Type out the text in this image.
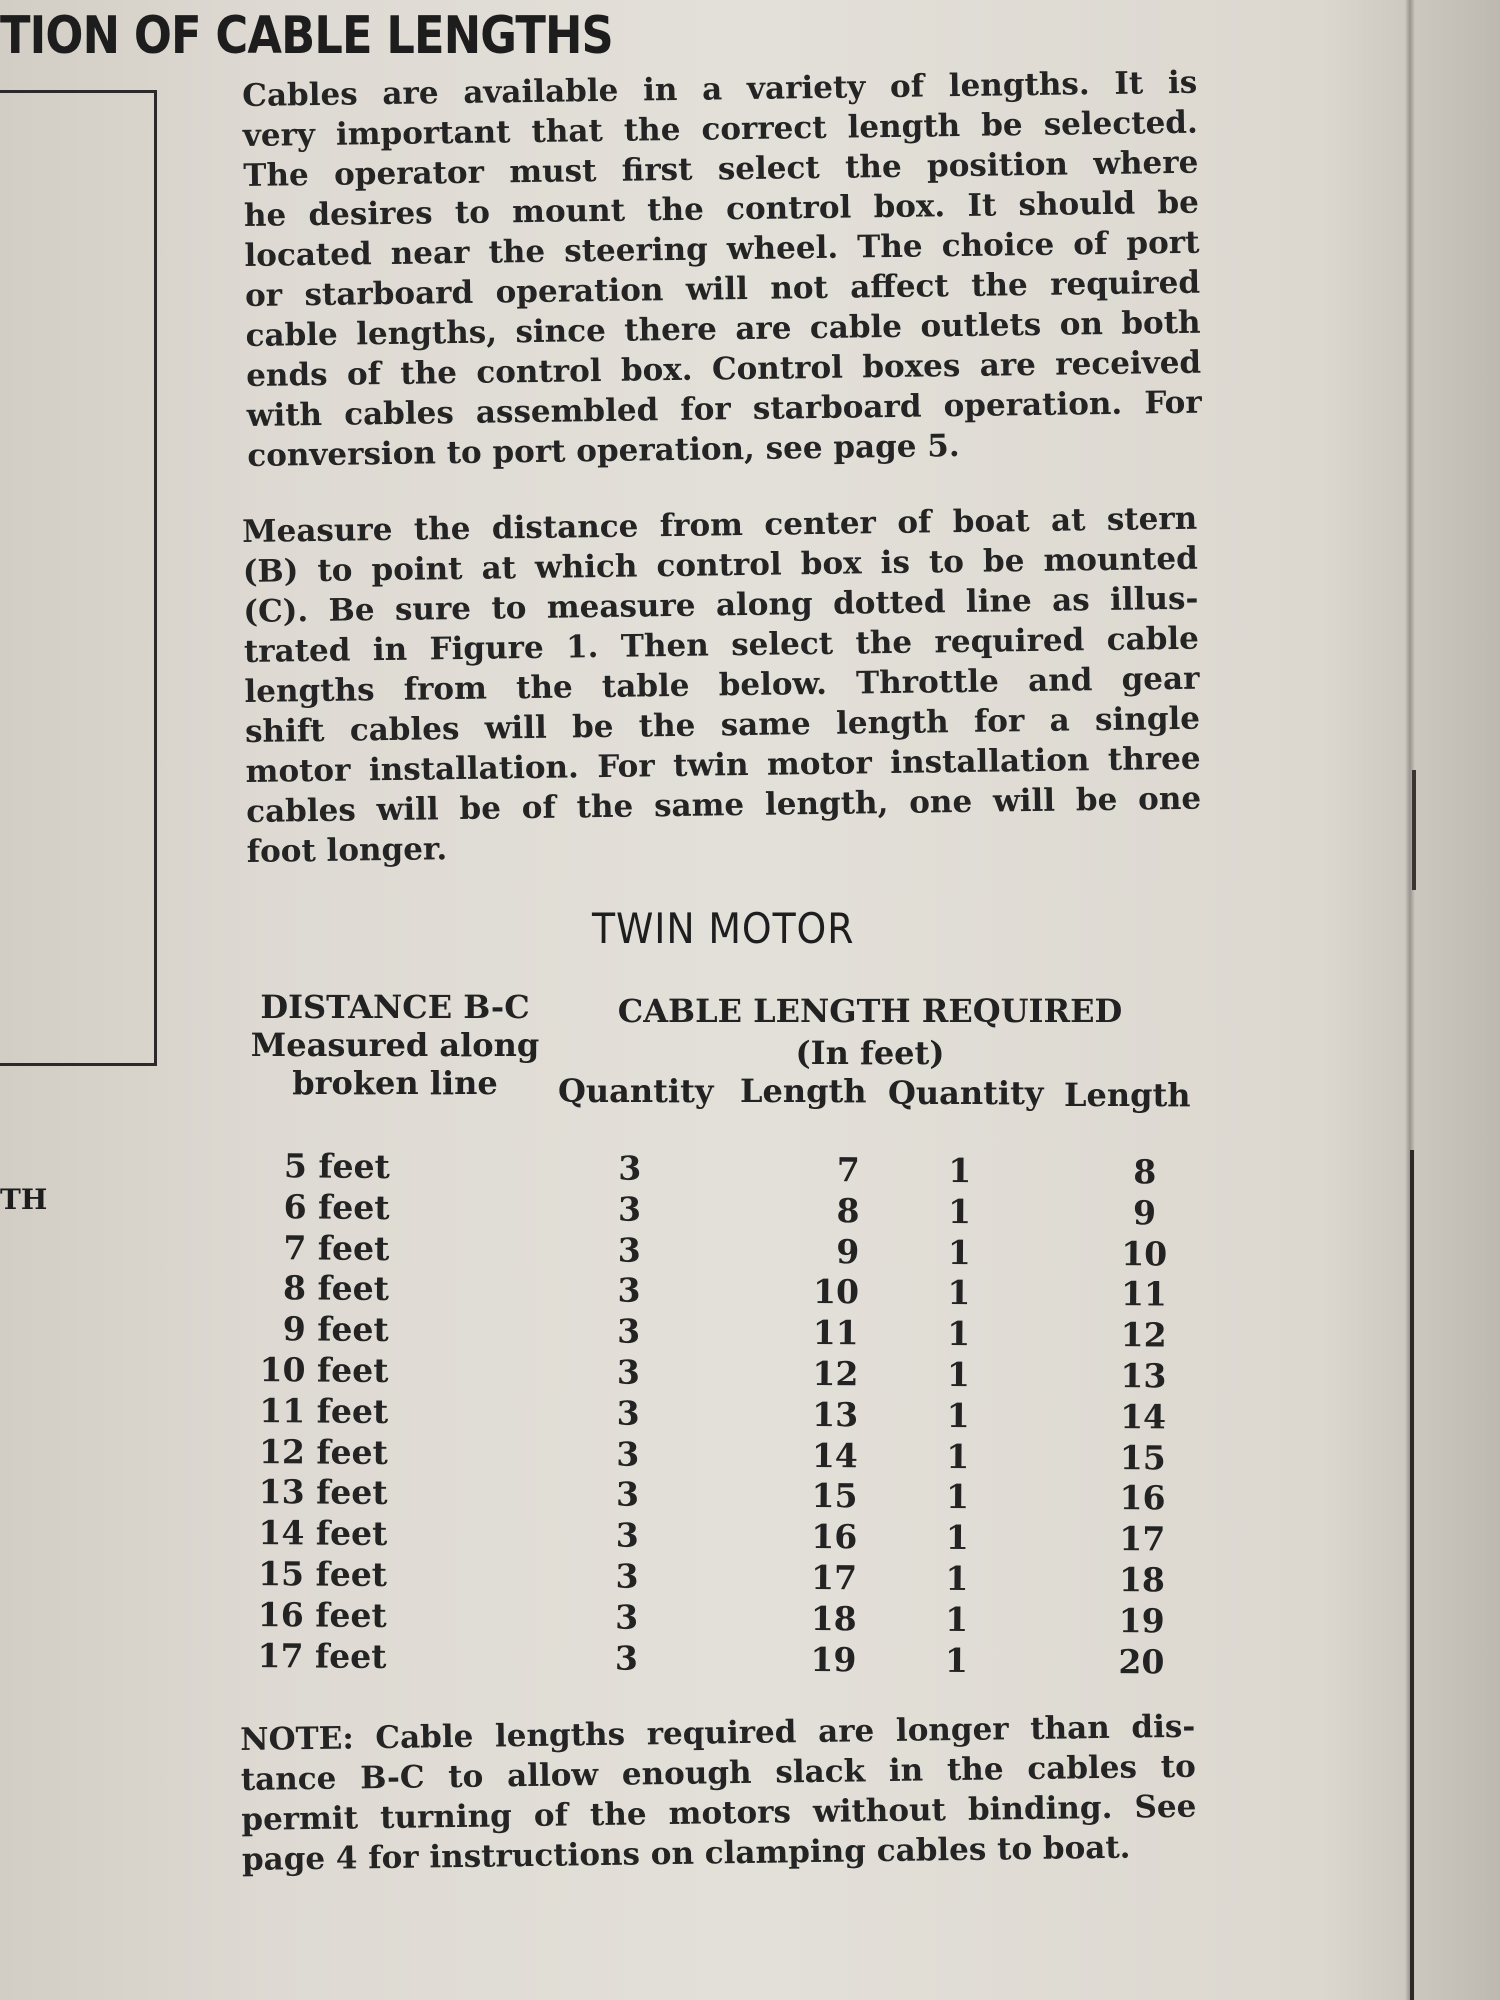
TION OF CABLE LENGTHS
TH
Cables are available in a variety of lengths. It is
very important that the correct length be selected.
The operator must first select the position where
he desires to mount the control box. It should be
located near the steering wheel. The choice of port
or starboard operation will not affect the required
cable lengths, since there are cable outlets on both
ends of the control box. Control boxes are received
with cables assembled for starboard operation. For
conversion to port operation, see page 5.
Measure the distance from center of boat at stern
(B) to point at which control box is to be mounted
(C). Be sure to measure along dotted line as illus-
trated in Figure 1. Then select the required cable
lengths from the table below. Throttle and gear
shift cables will be the same length for a single
motor installation. For twin motor installation three
cables will be of the same length, one will be one
foot longer.
TWIN MOTOR
DISTANCE B-C
Measured along
broken line
CABLE LENGTH REQUIRED
(In feet)
Quantity Length Quantity Length
5 feet	3	7	1	8
6 feet	3	8	1	9
7 feet	3	9	1	10
8 feet	3	10	1	11
9 feet	3	11	1	12
10 feet	3	12	1	13
11 feet	3	13	1	14
12 feet	3	14	1	15
13 feet	3	15	1	16
14 feet	3	16	1	17
15 feet	3	17	1	18
16 feet	3	18	1	19
17 feet	3	19	1	20
NOTE: Cable lengths required are longer than dis-
tance B-C to allow enough slack in the cables to
permit turning of the motors without binding. See
page 4 for instructions on clamping cables to boat.
